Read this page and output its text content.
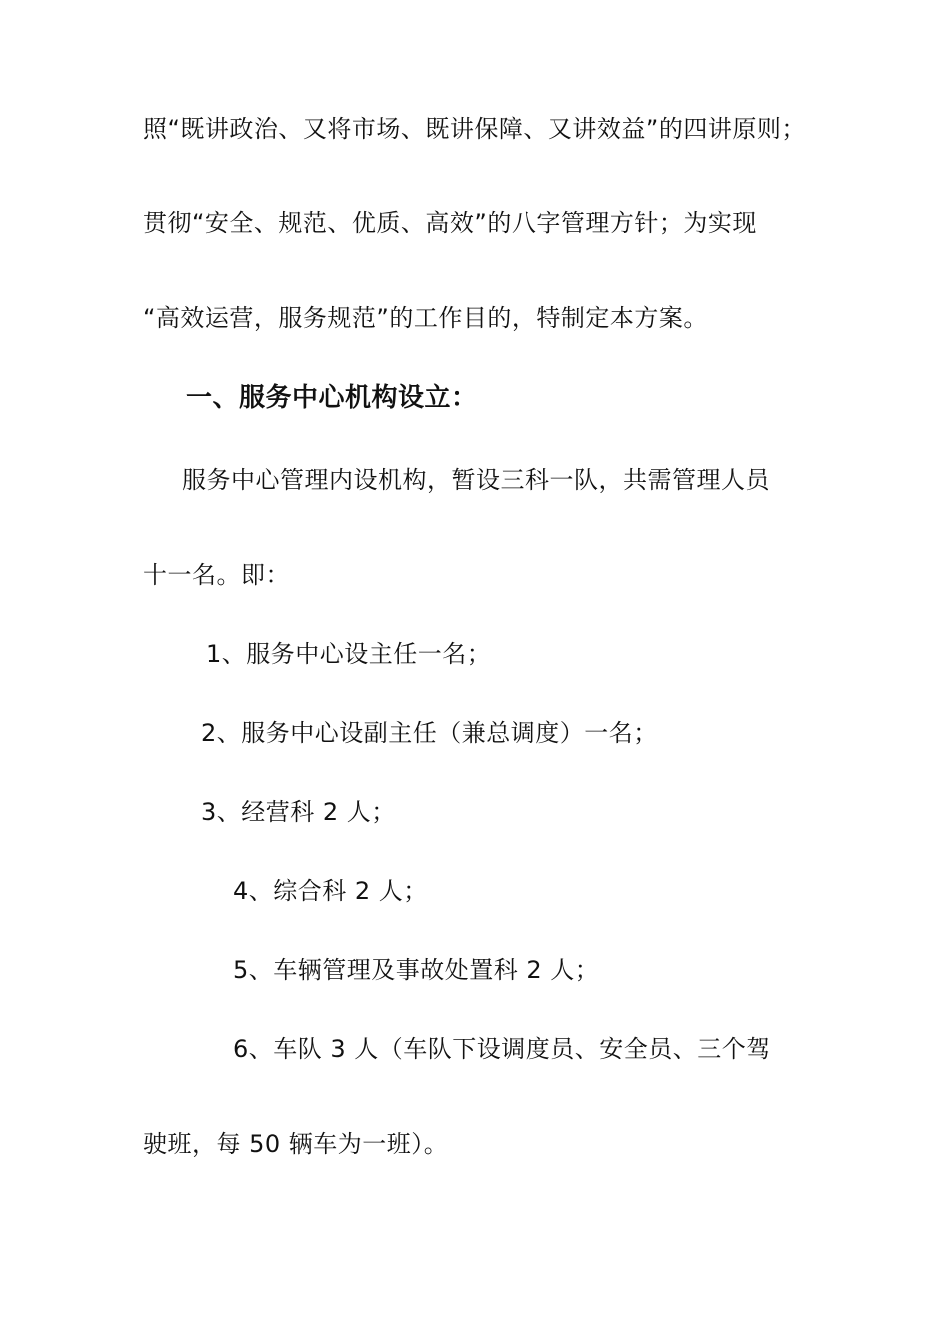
照“既讲政治、又将市场、既讲保障、又讲效益”的四讲原则；
贯彻“安全、规范、优质、高效”的八字管理方针；为实现
“高效运营，服务规范”的工作目的，特制定本方案。
一、服务中心机构设立：
服务中心管理内设机构，暂设三科一队，共需管理人员
十一名。即：
1、服务中心设主任一名；
2、服务中心设副主任（兼总调度）一名；
3、经营科 2 人；
4、综合科 2 人；
5、车辆管理及事故处置科 2 人；
6、车队 3 人（车队下设调度员、安全员、三个驾
驶班，每 50 辆车为一班）。
